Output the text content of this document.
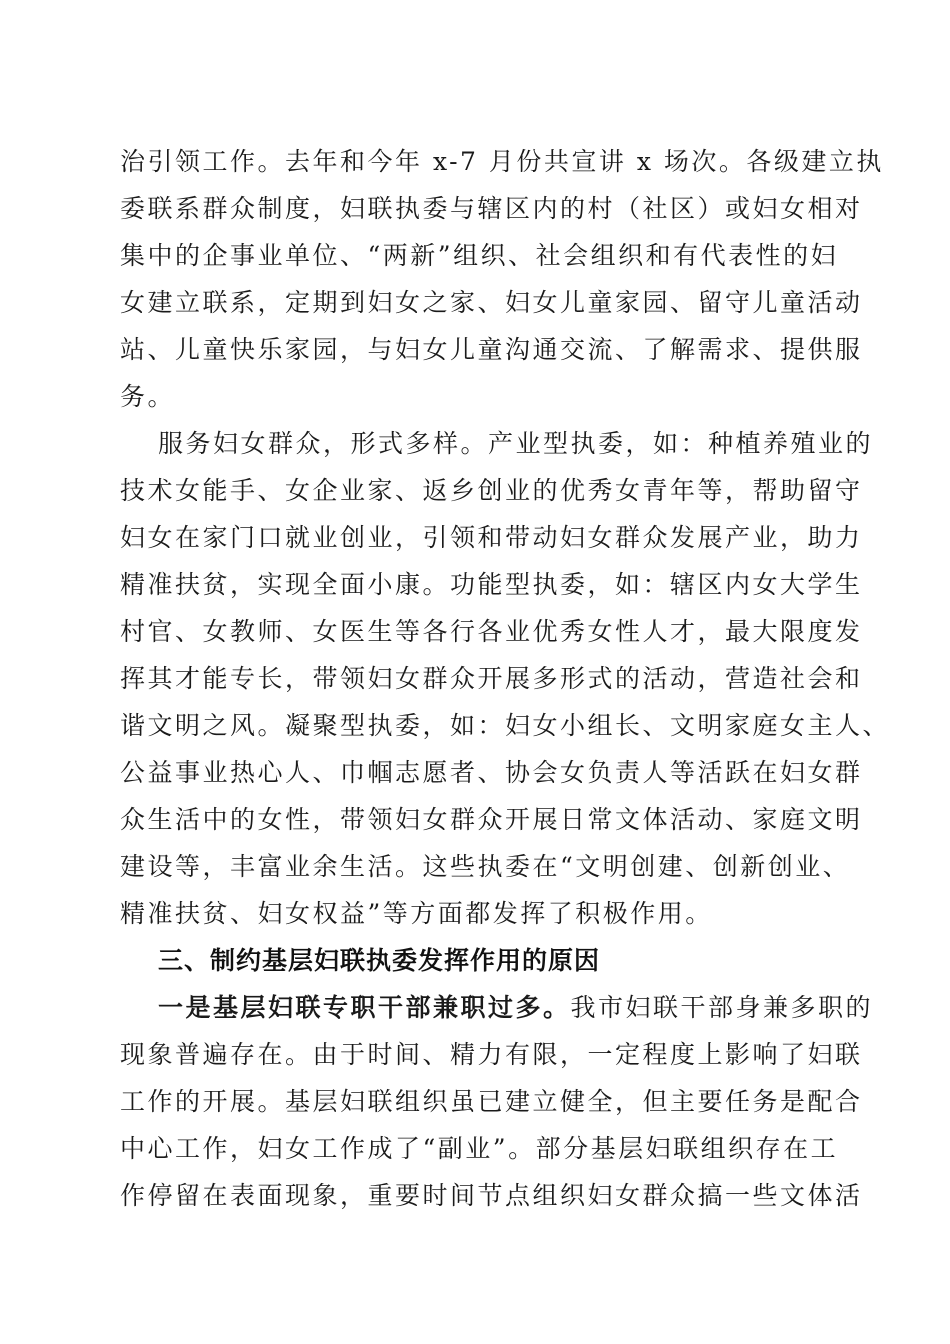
治引领工作。去年和今年 x-7 月份共宣讲 x 场次。各级建立执
委联系群众制度，妇联执委与辖区内的村（社区）或妇女相对
集中的企事业单位、“两新”组织、社会组织和有代表性的妇
女建立联系，定期到妇女之家、妇女儿童家园、留守儿童活动
站、儿童快乐家园，与妇女儿童沟通交流、了解需求、提供服
务。
服务妇女群众，形式多样。产业型执委，如：种植养殖业的
技术女能手、女企业家、返乡创业的优秀女青年等，帮助留守
妇女在家门口就业创业，引领和带动妇女群众发展产业，助力
精准扶贫，实现全面小康。功能型执委，如：辖区内女大学生
村官、女教师、女医生等各行各业优秀女性人才，最大限度发
挥其才能专长，带领妇女群众开展多形式的活动，营造社会和
谐文明之风。凝聚型执委，如：妇女小组长、文明家庭女主人、
公益事业热心人、巾帼志愿者、协会女负责人等活跃在妇女群
众生活中的女性，带领妇女群众开展日常文体活动、家庭文明
建设等，丰富业余生活。这些执委在“文明创建、创新创业、
精准扶贫、妇女权益”等方面都发挥了积极作用。
三、制约基层妇联执委发挥作用的原因
一是基层妇联专职干部兼职过多。我市妇联干部身兼多职的
现象普遍存在。由于时间、精力有限，一定程度上影响了妇联
工作的开展。基层妇联组织虽已建立健全，但主要任务是配合
中心工作，妇女工作成了“副业”。部分基层妇联组织存在工
作停留在表面现象，重要时间节点组织妇女群众搞一些文体活
